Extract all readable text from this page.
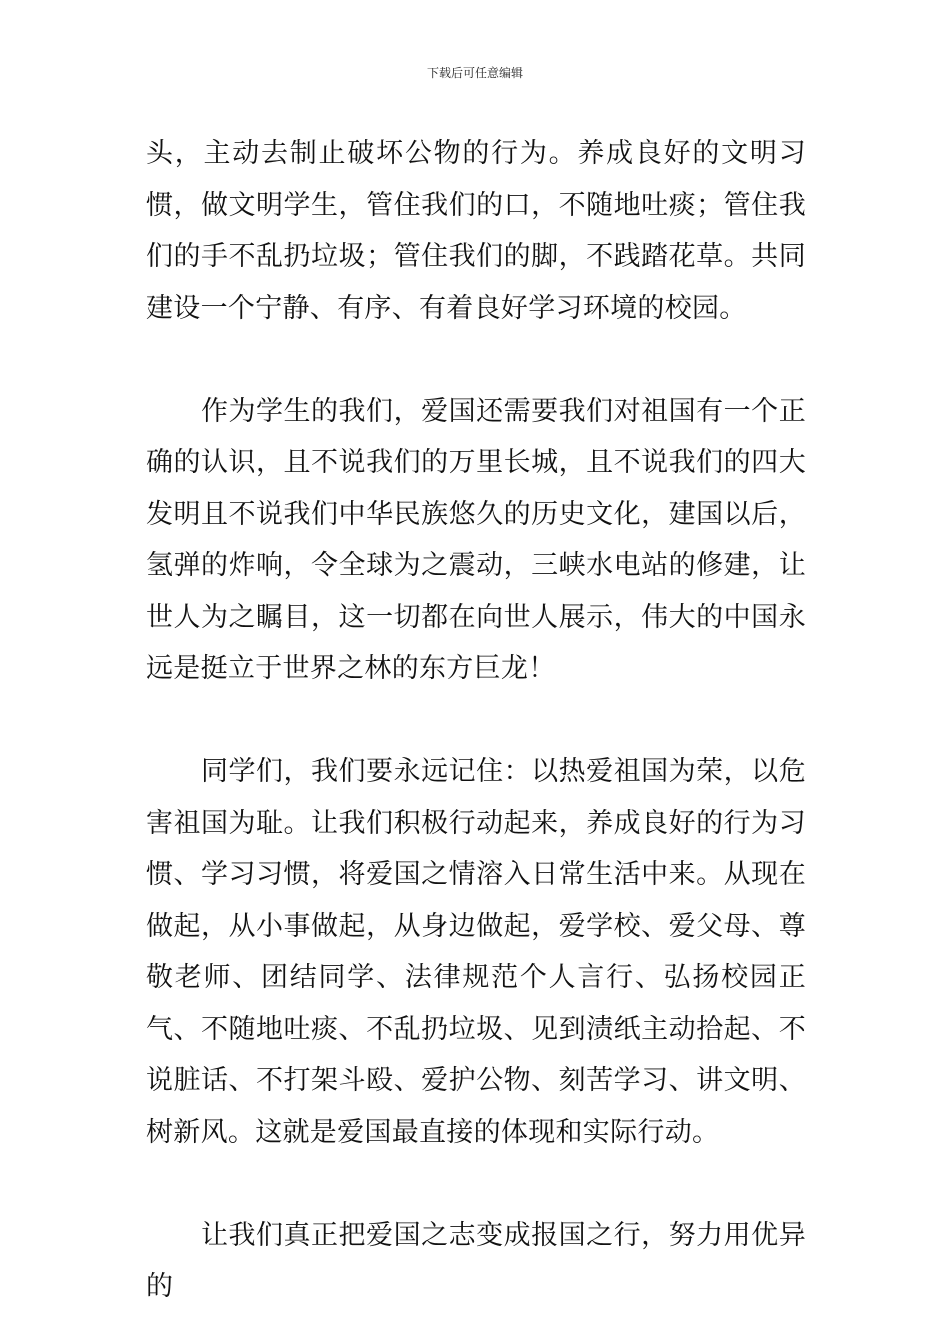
下载后可任意编辑

头，主动去制止破坏公物的行为。养成良好的文明习惯，做文明学生，管住我们的口，不随地吐痰；管住我们的手不乱扔垃圾；管住我们的脚，不践踏花草。共同建设一个宁静、有序、有着良好学习环境的校园。

作为学生的我们，爱国还需要我们对祖国有一个正确的认识，且不说我们的万里长城，且不说我们的四大发明且不说我们中华民族悠久的历史文化，建国以后，氢弹的炸响，令全球为之震动，三峡水电站的修建，让世人为之瞩目，这一切都在向世人展示，伟大的中国永远是挺立于世界之林的东方巨龙！

同学们，我们要永远记住：以热爱祖国为荣，以危害祖国为耻。让我们积极行动起来，养成良好的行为习惯、学习习惯，将爱国之情溶入日常生活中来。从现在做起，从小事做起，从身边做起，爱学校、爱父母、尊敬老师、团结同学、法律规范个人言行、弘扬校园正气、不随地吐痰、不乱扔垃圾、见到渍纸主动拾起、不说脏话、不打架斗殴、爱护公物、刻苦学习、讲文明、树新风。这就是爱国最直接的体现和实际行动。

让我们真正把爱国之志变成报国之行，努力用优异的
